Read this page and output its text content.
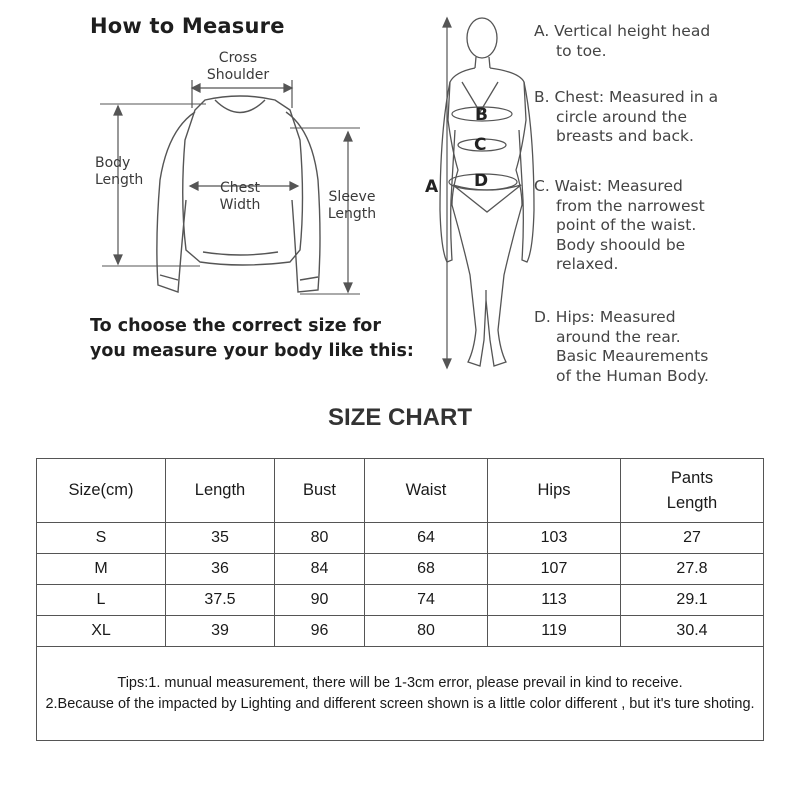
B
C
D
A
How to Measure
Cross
Shoulder
Body
Length	Chest
Width	Sleeve
Length
To choose the correct size for
you measure your body like this:
A. Vertical height head
to toe.
B. Chest: Measured in a
circle around the
breasts and back.
C. Waist: Measured
from the narrowest
point of the waist.
Body shoould be
relaxed.
D. Hips: Measured
around the rear.
Basic Meaurements
of the Human Body.
SIZE CHART
Size(cm)	Length	Bust	Waist	Hips	Pants Length
S	35	80	64	103	27
M	36	84	68	107	27.8
L	37.5	90	74	113	29.1
XL	39	96	80	119	30.4

Tips:1. munual measurement, there will be 1-3cm error, please prevail in kind to receive.
2.Because of the impacted by Lighting and different screen shown is a little color different , but it's ture shoting.					
